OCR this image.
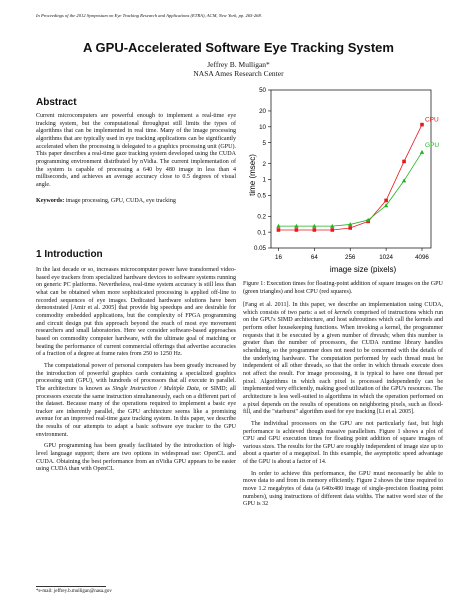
In Proceedings of the 2012 Symposium on Eye Tracking Research and Applications (ETRA), ACM, New York, pp. 265-268.
A GPU-Accelerated Software Eye Tracking System
Jeffrey B. Mulligan*
NASA Ames Research Center
Abstract

Current microcomputers are powerful enough to implement a real-time eye tracking system, but the computational throughput still limits the types of algorithms that can be implemented in real time. Many of the image processing algorithms that are typically used in eye tracking applications can be significantly accelerated when the processing is delegated to a graphics processing unit (GPU). This paper describes a real-time gaze tracking system developed using the CUDA programming environment distributed by nVidia. The current implementation of the system is capable of processing a 640 by 480 image in less than 4 milliseconds, and achieves an average accuracy close to 0.5 degrees of visual angle.

Keywords: image processing, GPU, CUDA, eye tracking

1 Introduction

In the last decade or so, increases microcomputer power have transformed video-based eye trackers from specialized hardware devices to software systems running on generic PC platforms. Nevertheless, real-time system accuracy is still less than what can be obtained when more sophisticated processing is applied off-line to recorded sequences of eye images. Dedicated hardware solutions have been demonstrated [Amir et al. 2005] that provide big speedups and are desirable for commodity embedded applications, but the complexity of FPGA programming and circuit design put this approach beyond the reach of most eye movement researchers and small laboratories. Here we consider software-based approaches based on commodity computer hardware, with the ultimate goal of matching or beating the performance of current commercial offerings that advertise accuracies of a fraction of a degree at frame rates from 250 to 1250 Hz.

The computational power of personal computers has been greatly increased by the introduction of powerful graphics cards containing a specialized graphics processing unit (GPU), with hundreds of processors that all execute in parallel. The architecture is known as Single Instruction / Multiple Data, or SIMD; all processors execute the same instruction simultaneously, each on a different part of the dataset. Because many of the operations required to implement a basic eye tracker are inherently parallel, the GPU architecture seems like a promising avenue for an improved real-time gaze tracking system. In this paper, we describe the results of our attempts to adapt a basic software eye tracker to the GPU environment.

GPU programming has been greatly facilitated by the introduction of high-level language support; there are two options in widespread use: OpenCL and CUDA. Obtaining the best performance from an nVidia GPU appears to be easier using CUDA than with OpenCL

*e-mail: jeffrey.b.mulligan@nasa.gov
50
20
10
5
2
1
0.5
0.2
0.1
0.05
16	64	256	1024	4096
CPU
GPU
time (msec)
image size (pixels)
Figure 1: Execution times for floating-point addition of square images on the GPU (green triangles) and host CPU (red squares).

[Fang et al. 2011]. In this paper, we describe an implementation using CUDA, which consists of two parts: a set of kernels comprised of instructions which run on the GPU's SIMD architecture, and host subroutines which call the kernels and perform other housekeeping functions. When invoking a kernel, the programmer requests that it be executed by a given number of threads; when this number is greater than the number of processors, the CUDA runtime library handles scheduling, so the programmer does not need to be concerned with the details of the underlying hardware. The computation performed by each thread must be independent of all other threads, so that the order in which threads execute does not affect the result. For image processing, it is typical to have one thread per pixel. Algorithms in which each pixel is processed independently can be implemented very efficiently, making good utilization of the GPU's resources. The architecture is less well-suited to algorithms in which the operation performed on a pixel depends on the results of operations on neighboring pixels, such as flood-fill, and the "starburst" algorithm used for eye tracking [Li et al. 2005].

The individual processors on the GPU are not particularly fast, but high performance is achieved though massive parallelism. Figure 1 shows a plot of CPU and GPU execution times for floating point addition of square images of various sizes. The results for the GPU are roughly independent of image size up to about a quarter of a megapixel. In this example, the asymptotic speed advantage of the GPU is about a factor of 14.

In order to achieve this performance, the GPU must necessarily be able to move data to and from its memory efficiently. Figure 2 shows the time required to move 1.2 megabytes of data (a 640x480 image of single-precision floating point numbers), using instructions of different data widths. The native word size of the GPU is 32
